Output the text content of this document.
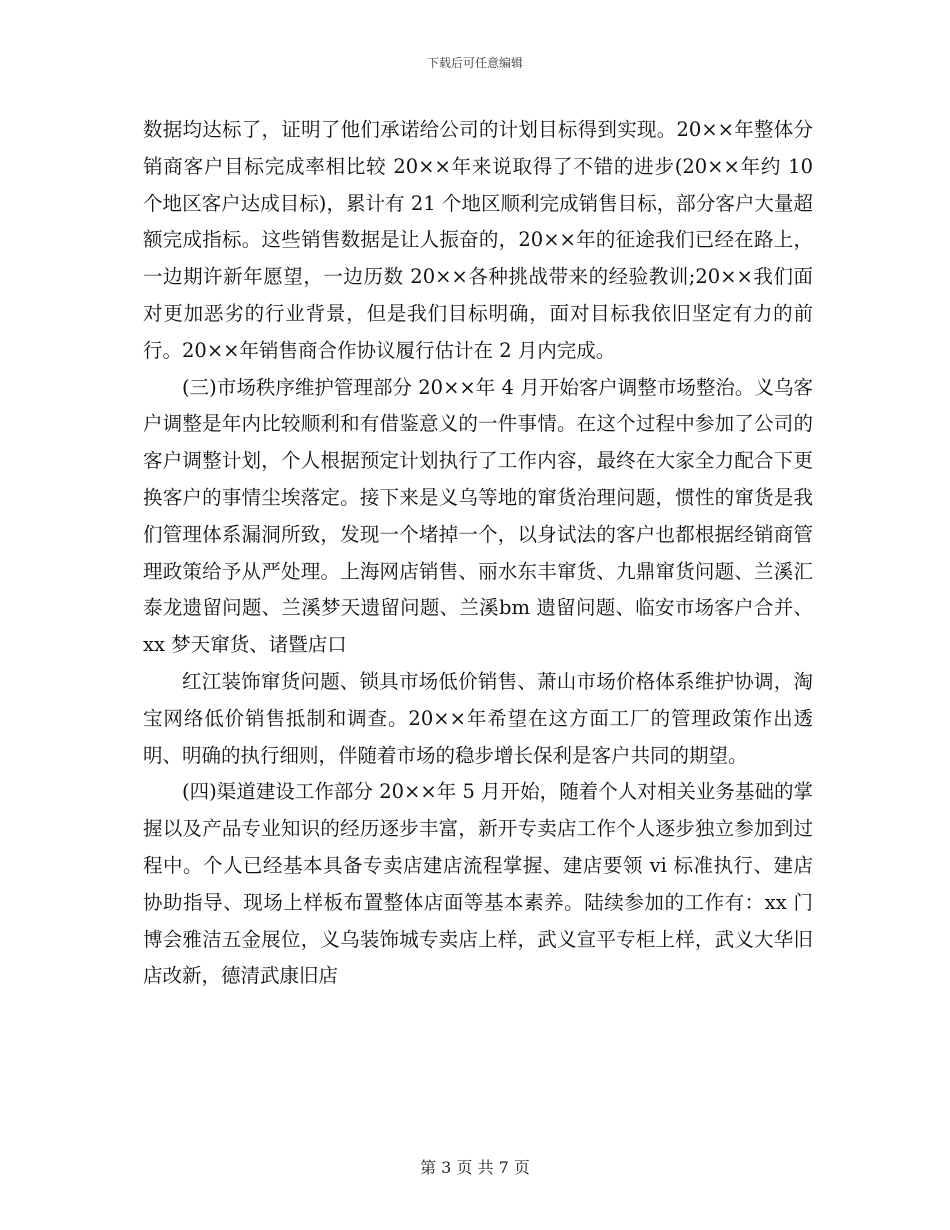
下载后可任意编辑

数据均达标了，证明了他们承诺给公司的计划目标得到实现。20××年整体分销商客户目标完成率相比较 20××年来说取得了不错的进步(20××年约 10 个地区客户达成目标)，累计有 21 个地区顺利完成销售目标，部分客户大量超额完成指标。这些销售数据是让人振奋的，20××年的征途我们已经在路上，一边期许新年愿望，一边历数 20××各种挑战带来的经验教训;20××我们面对更加恶劣的行业背景，但是我们目标明确，面对目标我依旧坚定有力的前行。20××年销售商合作协议履行估计在 2 月内完成。

(三)市场秩序维护管理部分 20××年 4 月开始客户调整市场整治。义乌客户调整是年内比较顺利和有借鉴意义的一件事情。在这个过程中参加了公司的客户调整计划，个人根据预定计划执行了工作内容，最终在大家全力配合下更换客户的事情尘埃落定。接下来是义乌等地的窜货治理问题，惯性的窜货是我们管理体系漏洞所致，发现一个堵掉一个，以身试法的客户也都根据经销商管理政策给予从严处理。上海网店销售、丽水东丰窜货、九鼎窜货问题、兰溪汇泰龙遗留问题、兰溪梦天遗留问题、兰溪bm 遗留问题、临安市场客户合并、xx 梦天窜货、诸暨店口

红江装饰窜货问题、锁具市场低价销售、萧山市场价格体系维护协调，淘宝网络低价销售抵制和调查。20××年希望在这方面工厂的管理政策作出透明、明确的执行细则，伴随着市场的稳步增长保利是客户共同的期望。

(四)渠道建设工作部分 20××年 5 月开始，随着个人对相关业务基础的掌握以及产品专业知识的经历逐步丰富，新开专卖店工作个人逐步独立参加到过程中。个人已经基本具备专卖店建店流程掌握、建店要领 vi 标准执行、建店协助指导、现场上样板布置整体店面等基本素养。陆续参加的工作有：xx 门博会雅洁五金展位，义乌装饰城专卖店上样，武义宣平专柜上样，武义大华旧店改新，德清武康旧店

第 3 页 共 7 页
